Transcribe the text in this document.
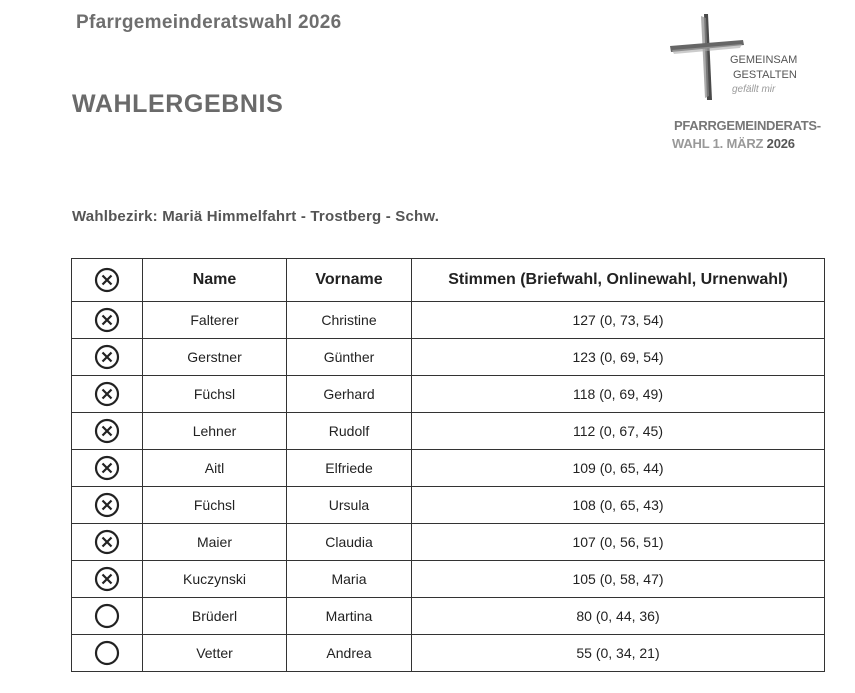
Pfarrgemeinderatswahl 2026
WAHLERGEBNIS
Wahlbezirk: Mariä Himmelfahrt - Trostberg - Schw.
GEMEINSAM
GESTALTEN
gefällt mir
PFARRGEMEINDERATS-
WAHL 1. MÄRZ 2026
	Name	Vorname	Stimmen (Briefwahl, Onlinewahl, Urnenwahl)

	Falterer	Christine	127 (0, 73, 54)

	Gerstner	Günther	123 (0, 69, 54)

	Füchsl	Gerhard	118 (0, 69, 49)

	Lehner	Rudolf	112 (0, 67, 45)

	Aitl	Elfriede	109 (0, 65, 44)

	Füchsl	Ursula	108 (0, 65, 43)

	Maier	Claudia	107 (0, 56, 51)

	Kuczynski	Maria	105 (0, 58, 47)

	Brüderl	Martina	80 (0, 44, 36)

	Vetter	Andrea	55 (0, 34, 21)
